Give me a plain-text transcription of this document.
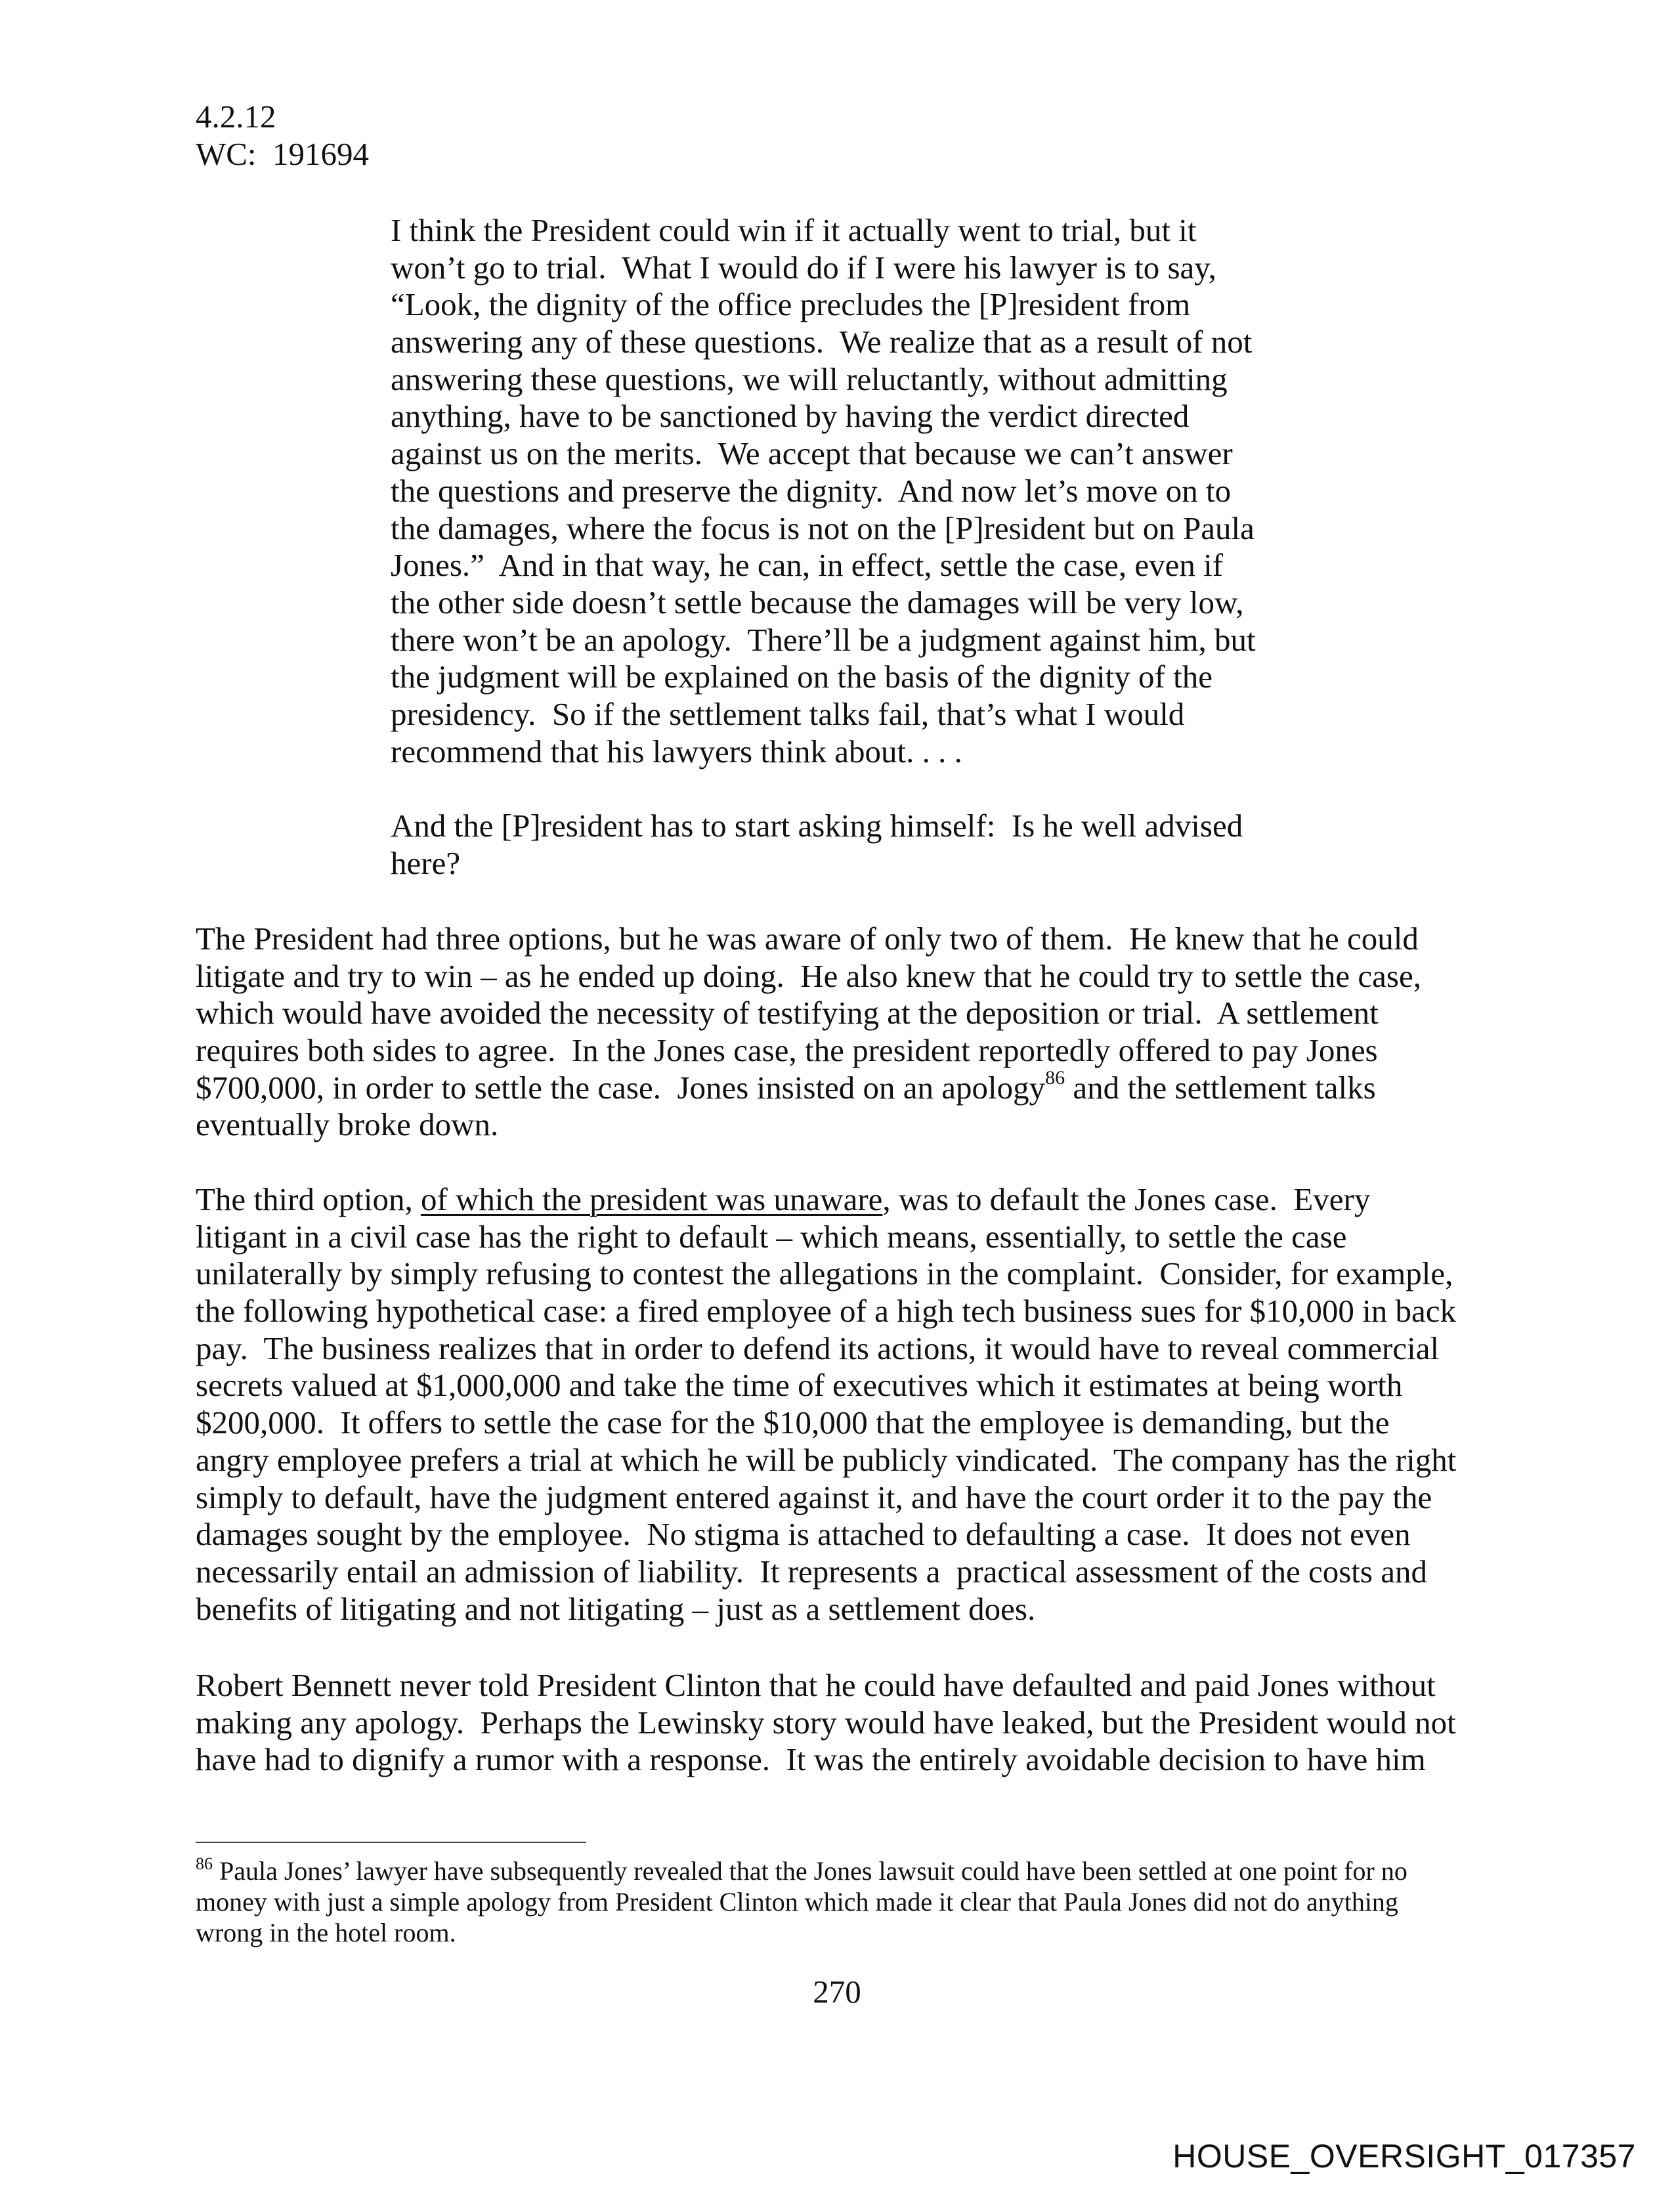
4.2.12
WC:  191694
I think the President could win if it actually went to trial, but it
won’t go to trial.  What I would do if I were his lawyer is to say,
“Look, the dignity of the office precludes the [P]resident from
answering any of these questions.  We realize that as a result of not
answering these questions, we will reluctantly, without admitting
anything, have to be sanctioned by having the verdict directed
against us on the merits.  We accept that because we can’t answer
the questions and preserve the dignity.  And now let’s move on to
the damages, where the focus is not on the [P]resident but on Paula
Jones.”  And in that way, he can, in effect, settle the case, even if
the other side doesn’t settle because the damages will be very low,
there won’t be an apology.  There’ll be a judgment against him, but
the judgment will be explained on the basis of the dignity of the
presidency.  So if the settlement talks fail, that’s what I would
recommend that his lawyers think about. . . .
And the [P]resident has to start asking himself:  Is he well advised
here?
The President had three options, but he was aware of only two of them.  He knew that he could
litigate and try to win – as he ended up doing.  He also knew that he could try to settle the case,
which would have avoided the necessity of testifying at the deposition or trial.  A settlement
requires both sides to agree.  In the Jones case, the president reportedly offered to pay Jones
$700,000, in order to settle the case.  Jones insisted on an apology$^{86}$ and the settlement talks
eventually broke down.
The third option, of which the president was unaware, was to default the Jones case.  Every
litigant in a civil case has the right to default – which means, essentially, to settle the case
unilaterally by simply refusing to contest the allegations in the complaint.  Consider, for example,
the following hypothetical case: a fired employee of a high tech business sues for $10,000 in back
pay.  The business realizes that in order to defend its actions, it would have to reveal commercial
secrets valued at $1,000,000 and take the time of executives which it estimates at being worth
$200,000.  It offers to settle the case for the $10,000 that the employee is demanding, but the
angry employee prefers a trial at which he will be publicly vindicated.  The company has the right
simply to default, have the judgment entered against it, and have the court order it to the pay the
damages sought by the employee.  No stigma is attached to defaulting a case.  It does not even
necessarily entail an admission of liability.  It represents a  practical assessment of the costs and
benefits of litigating and not litigating – just as a settlement does.
Robert Bennett never told President Clinton that he could have defaulted and paid Jones without
making any apology.  Perhaps the Lewinsky story would have leaked, but the President would not
have had to dignify a rumor with a response.  It was the entirely avoidable decision to have him
$^{86}$ Paula Jones’ lawyer have subsequently revealed that the Jones lawsuit could have been settled at one point for no
money with just a simple apology from President Clinton which made it clear that Paula Jones did not do anything
wrong in the hotel room.
270
HOUSE_OVERSIGHT_017357
